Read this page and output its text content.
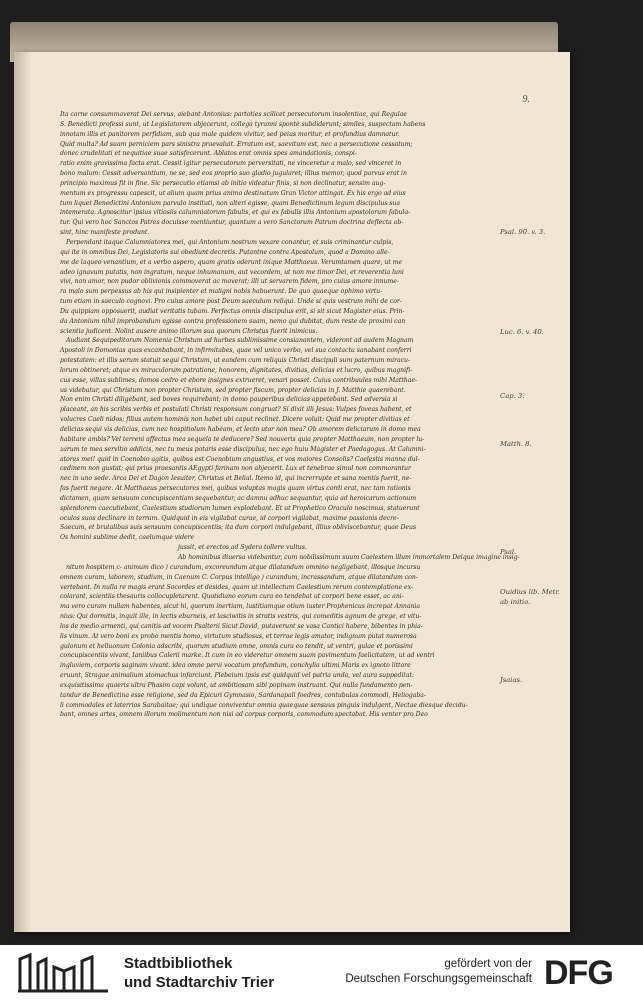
9.
Ita carne consummaverat Dei servus, aiebant Antonius: partoties scilicet persecutorum insolentiae, qui Regulae
S. Benedicti professi sunt, ut Legislatorem abjecerunt, collega tyranni spontè subdiderunt; similes, suspectam habens
innotam illis et panitorem perfidiam, sub qua male quidem vivitur, sed peius moritur, et profundius damnatur.
Quid multa? Ad suam perniciem pars sinistra praevaluit. Erratum est, saevitum est, nec a persecutione cessatum;
donec crudelitati et nequitiae suae satisfecerunt. Ablatos erat omnis spes amandationis, conspi-
ratio enim gravissima facta erat. Cessit igitur persecutorum perversitati, ne vinceretur a malo, sed vinceret in
bono malum: Cessit adversantium, ne se, sed eos proprio suo gladio jugularet; illius memor, quod parvus erat in
principio maximus fit in fine. Sic persecutio etiamsi ab initio videatur finis, si non declinatur, sensim aug-
mentum ex progressu capescit, ut alium quam prius animo destinatum Gran Victor attingat. Ex his ergo ad eius
tum liquet Benedictini Antonium parvulo instituti, non alteri egisse, quam Benedictinum legum discipulus sua
intemerata. Agnoscitur ipsius vitiosiis calumniatorum fabulis, et qui ex fabulis illis Antonium apostolorum fabula-
tur. Qui vero hoc Sanctos Patres docuisse mentiuntur, quantum a vero Sanctorum Patrum doctrina deflecta ab-
sint, hinc manifeste produnt.
Perpendant itaque Calumniatores mei, qui Antonium nostrum vexare conantur, et suis criminantur culpis,
qui ite in omnibus Dei, Legislatoris sui obediunt decretis. Putantne contra Apostolum, quod a Domino alle-
me de laqueo venantium, et a verbo aspero, quam gratis oderunt inique Matthaeus. Verumtamen quare, ut me
adeo ignavum putatis, non ingratum, neque inhumanum, aut vecordem, ut non me timor Dei, et reverentia luni
vivi, non amor, non pudor oblivionis commoverat ac moverat; illi ut servarem fidem, pro cuius amore innume-
ra malo sum perpessus ab his qui insipienter et maligni nobis habuerunt. De quo quaeque ophimo virtu-
tum etiam in saeculo cognovi. Pro cuius amore post Deum saeculum reliqui. Unde si quis vestrum mihi de cor-
Du quippiam opposuerit, audiat veritatis tubam. Perfectus omnis discipulus erit, si sit sicut Magister eius. Prin-
da Antonium nihil improbandum egisse contra professionem suam, nemo qui dubitat, dum reste de proximi can
scientia judicent. Nolint ausere animo illorum sua quorum Christus fuerit inimicus.
Audiant Sequipeditorum Nomenia Christum ad hurbes sublimissime consianantem, videront ad audem Magnam
Apostoli in Domonias quas excanbabant, in infirmitabes, quae vel unico verbo, vel sua contactu sanabant conferri
potestatem: et illis serum statuit sequi Christum, ut eandem cum reliquis Christi discipuli sum paternum miracu-
lorum obtineret; atque ex miraculorum patratione, honorem, dignitates, divitias, delicias et lucro, quibus magnifi-
cus esse, villas sublimes, domos cedro et ebore insignes extrueret, venari posset. Cuius contribuules mihi Matthae-
us videbatur, qui Christum non propter Christum, sed propter fiscum, propter delicias in J. Matthie quaerebant.
Non enim Christi diligebant, sed boves requirebant; in domo pauperibus delicias appetebant. Sed adversia si
placeant, an his scribis verbis et postulati Christi responsum congruat? Si dixit illi Jesus: Vulpes foveas habent, et
volucres Caeli nidos; filius autem hominis non habet ubi caput reclinet. Dicere voluit: Quid me propter divitias et
delicias sequi vis delicias, cum nec hospitiolum habeam, et lecto utor non mea? Ob amorem deliciarum in domo mea
habitare ambis? Vel terreni affectus mea sequela te deducere? Sed nouveris quia propter Matthaeum, non propter lu-
zarum te mea servitio addicis, nec tu meus potaris esse discipulus, nec ego huiu Magister et Paedagogus. At Calumni-
atores mei! quid in Coenobio agitis, quibus est Coenobium angustius, et vos maiores Consolis? Caelestis manna dul-
cedinem non gustat; qui prius praesantis AEgypti farinam non abjecerit. Lux et tenebrae simul non commorantur
nec in uno sede. Arca Dei et Dagon Iesuiter, Christus et Belial. Itemo id, qui increrrupte et sana mentis fuerit, ne-
fas fuerit negare. At Matthaeus persecutores mei, quibus voluptas magis quam virtus cordi erat, nec tam rationis
dictamen, quam sensuum concupiscentiam sequebantur, ac damnu adhuc sequantur, quia ad heroicarum actionum
splendorem caecutiebant, Caelestium studiorum lumen explodebant. Et ut Prophetico Oraculo noscimus, statuerunt
oculos suos declinare in terram. Quidquid in eis vigilabat curae, id corpori vigilabat, maxime passionis decre-
Saecum, et brutalibus suis sensuum concupiscentiis; ita dum corpori indulgebant, illius obliviscebantur, quae Deus
Os homini sublime dedit, caelumque videre
jussit, et erectos ad Sydera tollere vultus.
Ab hominibus diuersa videbantur, cum nobilissimum suum Caelestem illum immortalem Deique imagine insig-
nitum hospitem c- animum dico ) curandum, excoreundum atque dilatandum omnino negligebant, illosque incursu
omnem curam, laborem, studium, in Caenum C. Corpus intelligo ) curandum, incrassandum, atque dilatandum con-
vertebant. In nulla re magis erant Socordes et desides, quam ut intellectum Caelestium rerum contemplatione ex-
colarant, scientiis thesauris collocupletarent. Quotidiano eorum cura eo tendebat ut corpori bene esset, ac ani-
ma vero curam nullam habentes, sicut hi, quorum inertiam, lustitiamque otium iuster Prophenicus increpat Annania
nius: Qui dormitis, inquit ille, in lectis eburneis, et lasciwitis in stratis vestris, qui comeditis agnum de grege, et vitu-
los de medio armenti, qui canitis ad vocem Psalterii Sicut David, putaverunt se vasa Cantici habere, bibentes in phia-
lis vinum. At vero boni ex probo mentis homo, virtutum studiosus, et terrae legis amator, indignum putat numerosa
gulonum et helluonum Colonia adscribi, quorum studium omne, omnis cura eo tendit, ut ventri, gulae et porissimi
concupiscentiis vivant, Ianiibus Calerii marke. It cum in eo videretur omnem suam pavimentum faelicitatem, ut ad ventri
ingluviem, corporis saginam vivant. idea omne pervi vocatum profundum, conchylia ultimi Maris ex ignoto littore
eruunt, Stragae animalium stomachus infarciunt. Plebeium ipsis est quidquid vel patria unda, vel aura suppeditat:
exquisitissima quaeris ultra Phasim capi volunt, ut ambitiosam sibi popinam instruant. Qui nulla fundamento pen-
tandur de Benedictina esse religione, sed da Epicuri Gymnasio, Sardanapali foedres, contubulas commodi, Heliogaba-
li commodales et laterrios Sarabaitae; qui undique conviventur omnia quaequae sensuus pinguis indulgent, Nectae diesque decidu-
bant, omnes artes, omnem illorum molimentum non nisi ad corpus corporis, commodum spectabat. His venter pro Deo
Psal. 90. v. 3.
Luc. 6. v. 40.
Cap. 3.
Matth. 8.
Psal.
Ouidius lib. Metr.
ab initio.
Jsaias.
Stadtbibliothek
und Stadtarchiv Trier
gefördert von der
Deutschen Forschungsgemeinschaft DFG
